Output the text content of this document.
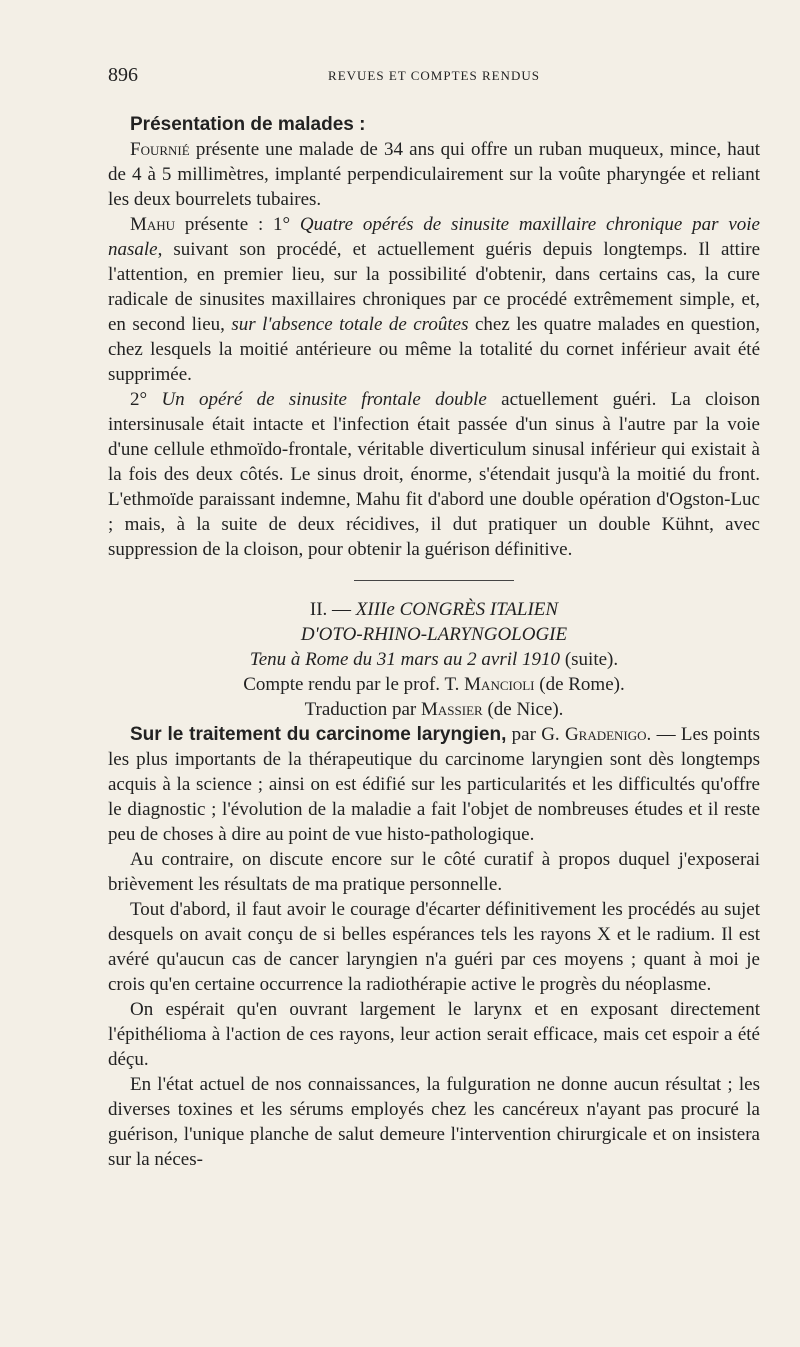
896	REVUES ET COMPTES RENDUS

Présentation de malades :

Fournié présente une malade de 34 ans qui offre un ruban muqueux, mince, haut de 4 à 5 millimètres, implanté perpendiculairement sur la voûte pharyngée et reliant les deux bourrelets tubaires.

Mahu présente : 1° Quatre opérés de sinusite maxillaire chronique par voie nasale, suivant son procédé, et actuellement guéris depuis longtemps. Il attire l'attention, en premier lieu, sur la possibilité d'obtenir, dans certains cas, la cure radicale de sinusites maxillaires chroniques par ce procédé extrêmement simple, et, en second lieu, sur l'absence totale de croûtes chez les quatre malades en question, chez lesquels la moitié antérieure ou même la totalité du cornet inférieur avait été supprimée.

2° Un opéré de sinusite frontale double actuellement guéri. La cloison intersinusale était intacte et l'infection était passée d'un sinus à l'autre par la voie d'une cellule ethmoïdo-frontale, véritable diverticulum sinusal inférieur qui existait à la fois des deux côtés. Le sinus droit, énorme, s'étendait jusqu'à la moitié du front. L'ethmoïde paraissant indemne, Mahu fit d'abord une double opération d'Ogston-Luc ; mais, à la suite de deux récidives, il dut pratiquer un double Kühnt, avec suppression de la cloison, pour obtenir la guérison définitive.

II. — XIIIe CONGRÈS ITALIEN

D'OTO-RHINO-LARYNGOLOGIE

Tenu à Rome du 31 mars au 2 avril 1910 (suite).

Compte rendu par le prof. T. Mancioli (de Rome).

Traduction par Massier (de Nice).

Sur le traitement du carcinome laryngien, par G. Gradenigo. — Les points les plus importants de la thérapeutique du carcinome laryngien sont dès longtemps acquis à la science ; ainsi on est édifié sur les particularités et les difficultés qu'offre le diagnostic ; l'évolution de la maladie a fait l'objet de nombreuses études et il reste peu de choses à dire au point de vue histo-pathologique.

Au contraire, on discute encore sur le côté curatif à propos duquel j'exposerai brièvement les résultats de ma pratique personnelle.

Tout d'abord, il faut avoir le courage d'écarter définitivement les procédés au sujet desquels on avait conçu de si belles espérances tels les rayons X et le radium. Il est avéré qu'aucun cas de cancer laryngien n'a guéri par ces moyens ; quant à moi je crois qu'en certaine occurrence la radiothérapie active le progrès du néoplasme.

On espérait qu'en ouvrant largement le larynx et en exposant directement l'épithélioma à l'action de ces rayons, leur action serait efficace, mais cet espoir a été déçu.

En l'état actuel de nos connaissances, la fulguration ne donne aucun résultat ; les diverses toxines et les sérums employés chez les cancéreux n'ayant pas procuré la guérison, l'unique planche de salut demeure l'intervention chirurgicale et on insistera sur la néces-
